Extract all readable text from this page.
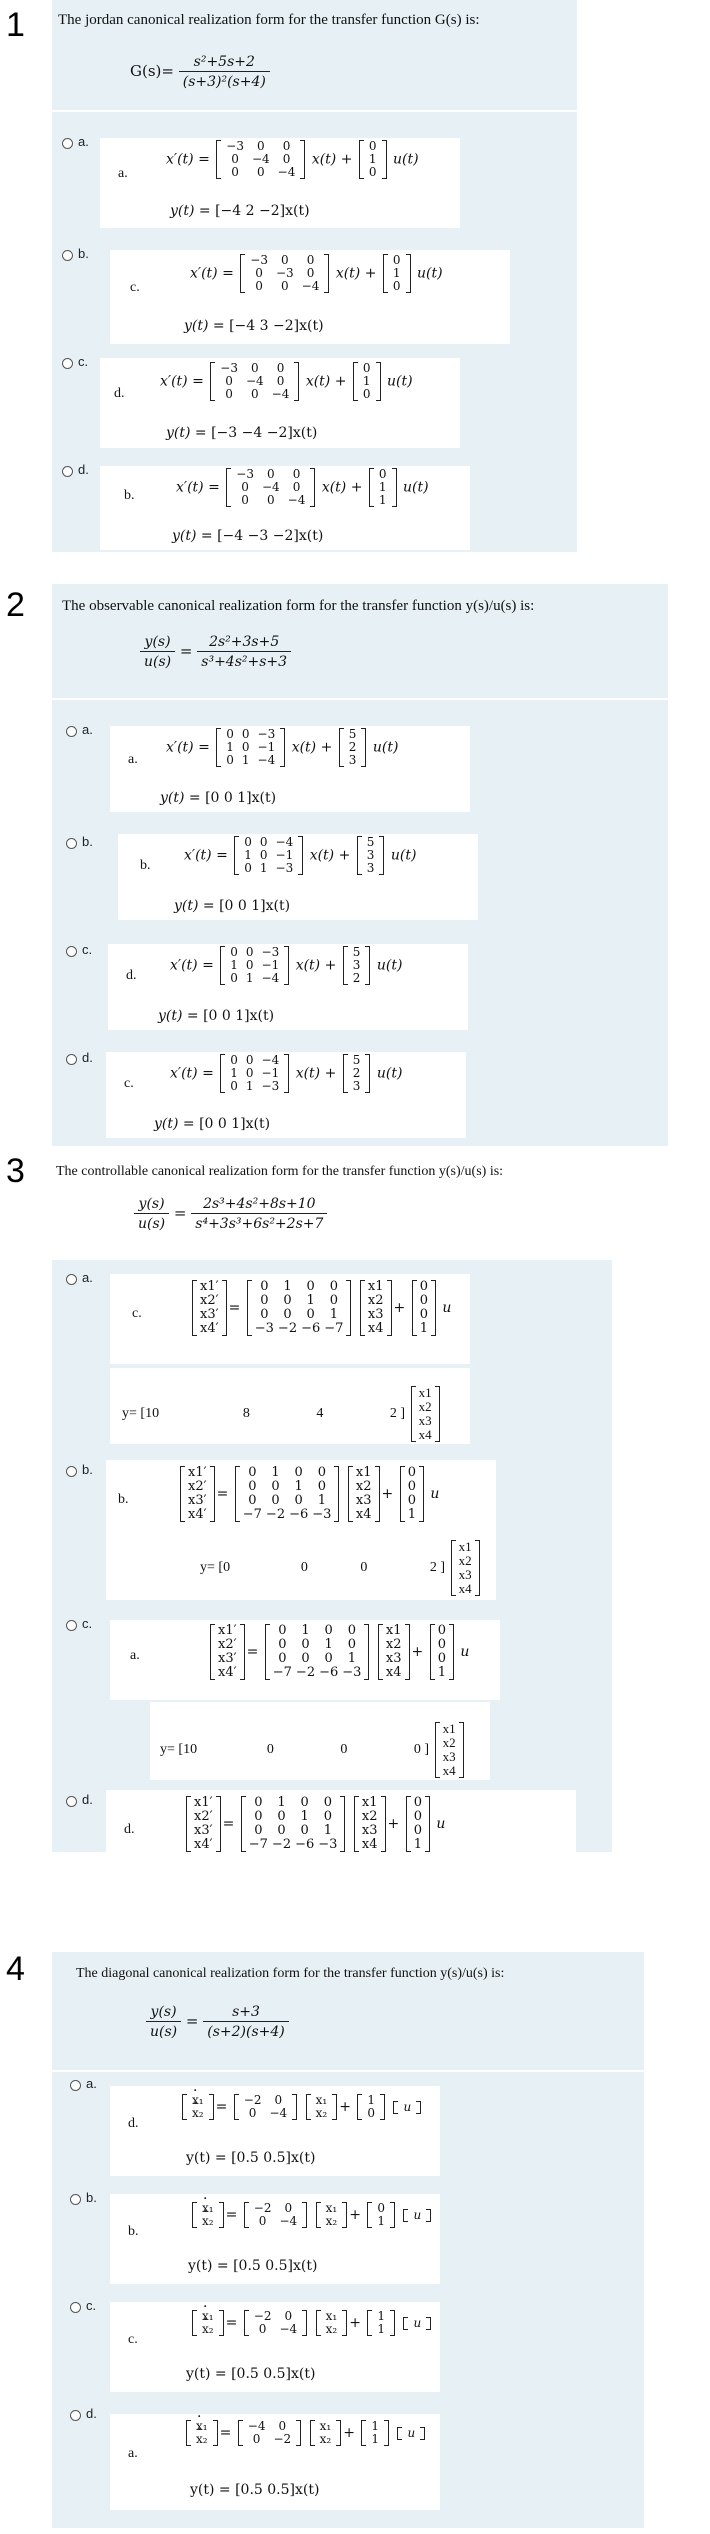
1 The jordan canonical realization form for the transfer function G(s) is:
$G(s)= \frac{\text{s²+5s+2}}{\text{(s+3)²(s+4)}}$
a.
a.
x′(t) =
−3	0	0
0	−4	0
0	0	−4
x(t) +
0
1
0
u(t)
y(t) = [−4 2 −2]x(t)
b.
c.
x′(t) =
−3	0	0
0	−3	0
0	0	−4
x(t) +
0
1
0
u(t)
y(t) = [−4 3 −2]x(t)
c.
d.
x′(t) =
−3	0	0
0	−4	0
0	0	−4
x(t) +
0
1
0
u(t)
y(t) = [−3 −4 −2]x(t)
d.
b.	x′(t) =
−3	0	0
0	−4	0
0	0	−4
x(t) +
0
1
1
u(t)
y(t) = [−4 −3 −2]x(t)
2 The observable canonical realization form for the transfer function y(s)/u(s) is:
$\frac{y(s)}{u(s)} = \frac{\text{2s²+3s+5}}{\text{s³+4s²+s+3}}$
a.
a.
x′(t) =
0	0	−3
1	0	−1
0	1	−4
x(t) +
5
2
3
u(t)
y(t) = [0 0 1]x(t)
b.
b.
x′(t) =
0	0	−4
1	0	−1
0	1	−3
x(t) +
5
3
3
u(t)
y(t) = [0 0 1]x(t)
c.
d.
x′(t) =
0	0	−3
1	0	−1
0	1	−4
x(t) +
5
3
2
u(t)
y(t) = [0 0 1]x(t)
d.
c.
x′(t) =
0	0	−4
1	0	−1
0	1	−3
x(t) +
5
2
3
u(t)
y(t) = [0 0 1]x(t)
3 The controllable canonical realization form for the transfer function y(s)/u(s) is:
$\frac{y(s)}{u(s)} = \frac{\text{2s³+4s²+8s+10}}{\text{s⁴+3s³+6s²+2s+7}}$
a.
c.
x1′
x2′
x3′
x4′
=
0	1	0	0
0	0	1	0
0	0	0	1
−3	−2	−6	−7

x1
x2
x3
x4
+
0
0
0
1
u
y= [10	8	4	2 ]
x1
x2
x3
x4
b.
b.
x1′
x2′
x3′
x4′
=
0	1	0	0
0	0	1	0
0	0	0	1
−7	−2	−6	−3

x1
x2
x3
x4
+
0
0
0
1
u
y= [0	0	0	2 ]
x1
x2
x3
x4
c.
a.
x1′
x2′
x3′
x4′
=
0	1	0	0
0	0	1	0
0	0	0	1
−7	−2	−6	−3

x1
x2
x3
x4
+
0
0
0
1
u
y= [10	0	0	0 ]
x1
x2
x3
x4
d.
d.
x1′
x2′
x3′
x4′
=
0	1	0	0
0	0	1	0
0	0	0	1
−7	−2	−6	−3

x1
x2
x3
x4
+
0
0
0
1
u
4	The diagonal canonical realization form for the transfer function y(s)/u(s) is:
$\frac{y(s)}{u(s)} = \frac{s+3}{(s+2)(s+4)}$
a.
d.
· x₁
· x₂ = −2	0
0	−4

x₁
x₂ + 1
0
u
y(t) = [0.5 0.5]x(t)
b.
b.
· x₁
· x₂ = −2	0
0	−4

x₁
x₂ + 0
1
u
y(t) = [0.5 0.5]x(t)
c.
c.
· x₁
· x₂ = −2	0
0	−4

x₁
x₂ + 1
1
u
y(t) = [0.5 0.5]x(t)
d.
a.
· x₁
· x₂ = −4	0
0	−2

x₁
x₂ + 1
1
u
y(t) = [0.5 0.5]x(t)
